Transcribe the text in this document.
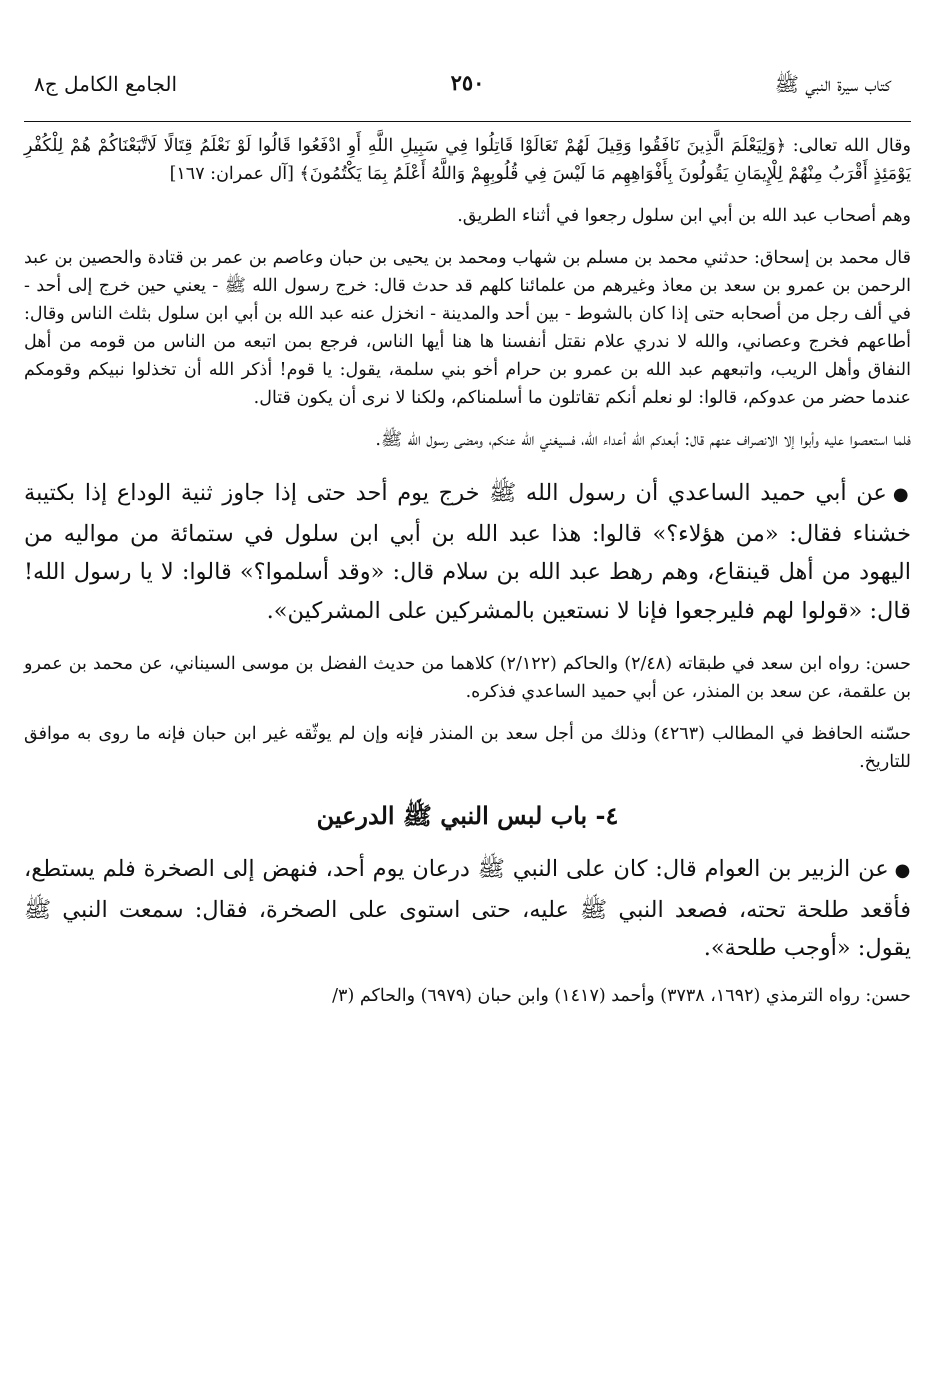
كتاب سيرة النبي ﷺ
٢٥٠
الجامع الكامل ج٨

وقال الله تعالى: ﴿وَلِيَعْلَمَ الَّذِينَ نَافَقُوا وَقِيلَ لَهُمْ تَعَالَوْا قَاتِلُوا فِي سَبِيلِ اللَّهِ أَوِ ادْفَعُوا قَالُوا لَوْ نَعْلَمُ قِتَالًا لَاتَّبَعْنَاكُمْ هُمْ لِلْكُفْرِ يَوْمَئِذٍ أَقْرَبُ مِنْهُمْ لِلْإِيمَانِ يَقُولُونَ بِأَفْوَاهِهِم مَا لَيْسَ فِي قُلُوبِهِمْ وَاللَّهُ أَعْلَمُ بِمَا يَكْتُمُونَ﴾ [آل عمران: ١٦٧]

وهم أصحاب عبد الله بن أبي ابن سلول رجعوا في أثناء الطريق.

قال محمد بن إسحاق: حدثني محمد بن مسلم بن شهاب ومحمد بن يحيى بن حبان وعاصم بن عمر بن قتادة والحصين بن عبد الرحمن بن عمرو بن سعد بن معاذ وغيرهم من علمائنا كلهم قد حدث قال: خرج رسول الله ﷺ - يعني حين خرج إلى أحد - في ألف رجل من أصحابه حتى إذا كان بالشوط - بين أحد والمدينة - انخزل عنه عبد الله بن أبي ابن سلول بثلث الناس وقال: أطاعهم فخرج وعصاني، والله لا ندري علام نقتل أنفسنا ها هنا أيها الناس، فرجع بمن اتبعه من الناس من قومه من أهل النفاق وأهل الريب، واتبعهم عبد الله بن عمرو بن حرام أخو بني سلمة، يقول: يا قوم! أذكر الله أن تخذلوا نبيكم وقومكم عندما حضر من عدوكم، قالوا: لو نعلم أنكم تقاتلون ما أسلمناكم، ولكنا لا نرى أن يكون قتال.

فلما استعصوا عليه وأبوا إلا الانصراف عنهم قال: أبعدكم الله أعداء الله، فسيغني الله عنكم، ومضى رسول الله ﷺ.

●عن أبي حميد الساعدي أن رسول الله ﷺ خرج يوم أحد حتى إذا جاوز ثنية الوداع إذا بكتيبة خشناء فقال: «من هؤلاء؟» قالوا: هذا عبد الله بن أبي ابن سلول في ستمائة من مواليه من اليهود من أهل قينقاع، وهم رهط عبد الله بن سلام قال: «وقد أسلموا؟» قالوا: لا يا رسول الله! قال: «قولوا لهم فليرجعوا فإنا لا نستعين بالمشركين على المشركين».

حسن: رواه ابن سعد في طبقاته (٢/٤٨) والحاكم (٢/١٢٢) كلاهما من حديث الفضل بن موسى السيناني، عن محمد بن عمرو بن علقمة، عن سعد بن المنذر، عن أبي حميد الساعدي فذكره.

حسّنه الحافظ في المطالب (٤٢٦٣) وذلك من أجل سعد بن المنذر فإنه وإن لم يوثّقه غير ابن حبان فإنه ما روى به موافق للتاريخ.

٤- باب لبس النبي ﷺ الدرعين

●عن الزبير بن العوام قال: كان على النبي ﷺ درعان يوم أحد، فنهض إلى الصخرة فلم يستطع، فأقعد طلحة تحته، فصعد النبي ﷺ عليه، حتى استوى على الصخرة، فقال: سمعت النبي ﷺ يقول: «أوجب طلحة».

حسن: رواه الترمذي (١٦٩٢، ٣٧٣٨) وأحمد (١٤١٧) وابن حبان (٦٩٧٩) والحاكم (٣/
